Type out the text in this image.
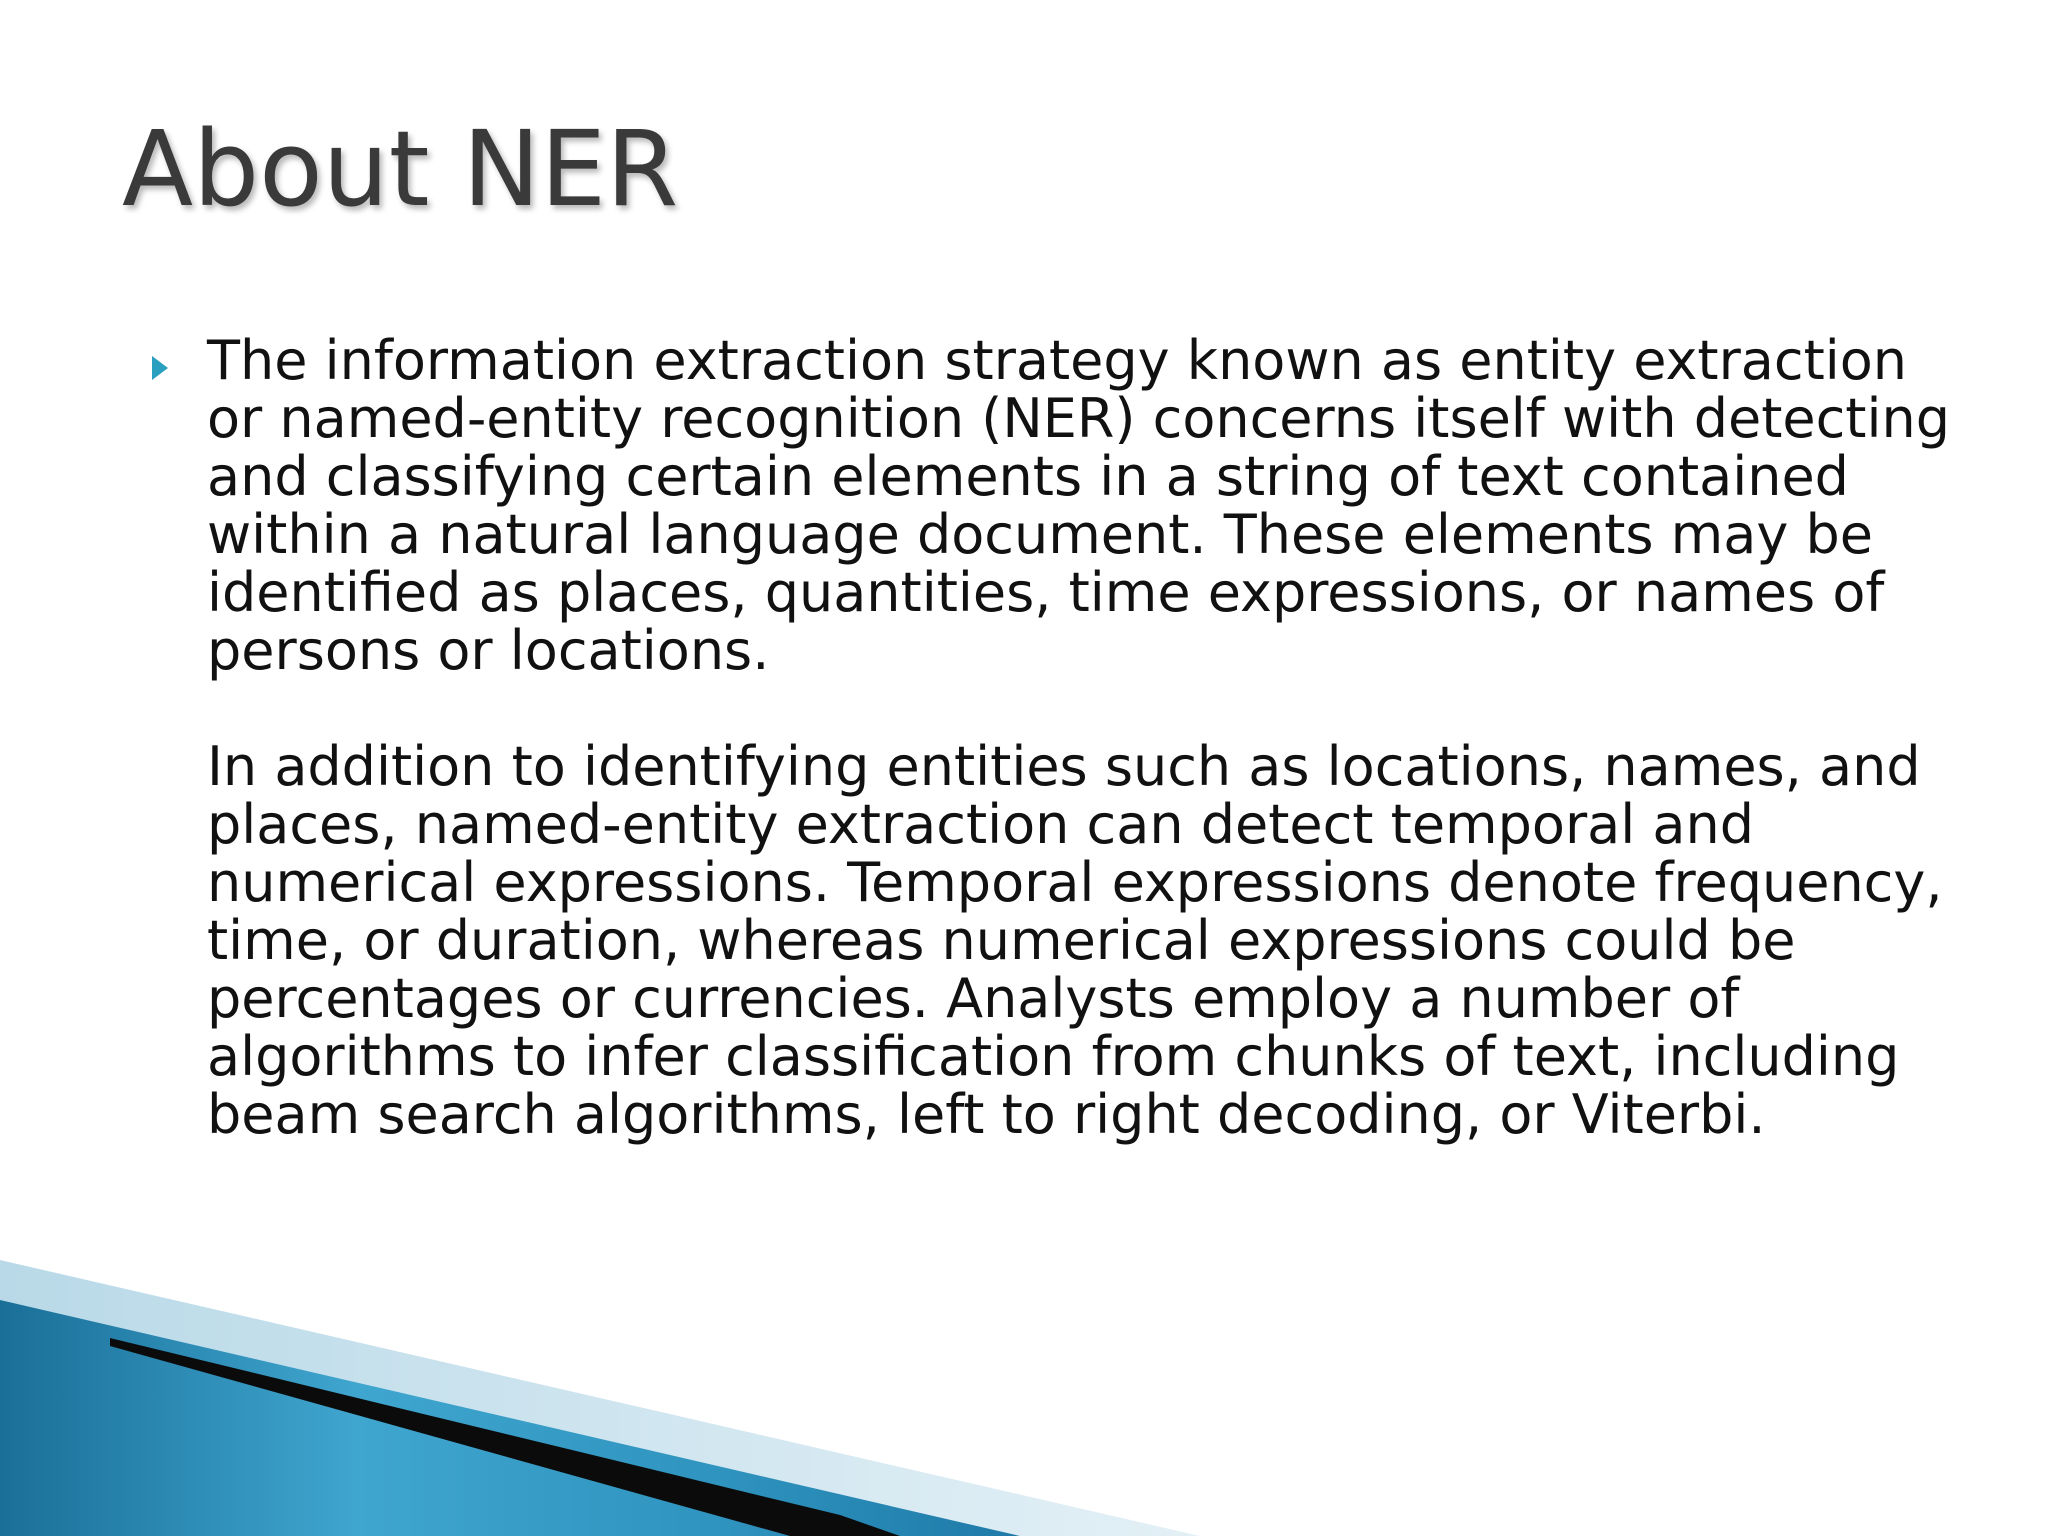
About NER

The information extraction strategy known as entity extraction or named-entity recognition (NER) concerns itself with detecting and classifying certain elements in a string of text contained within a natural language document. These elements may be identified as places, quantities, time expressions, or names of persons or locations.

In addition to identifying entities such as locations, names, and places, named-entity extraction can detect temporal and numerical expressions. Temporal expressions denote frequency, time, or duration, whereas numerical expressions could be percentages or currencies. Analysts employ a number of algorithms to infer classification from chunks of text, including beam search algorithms, left to right decoding, or Viterbi.
